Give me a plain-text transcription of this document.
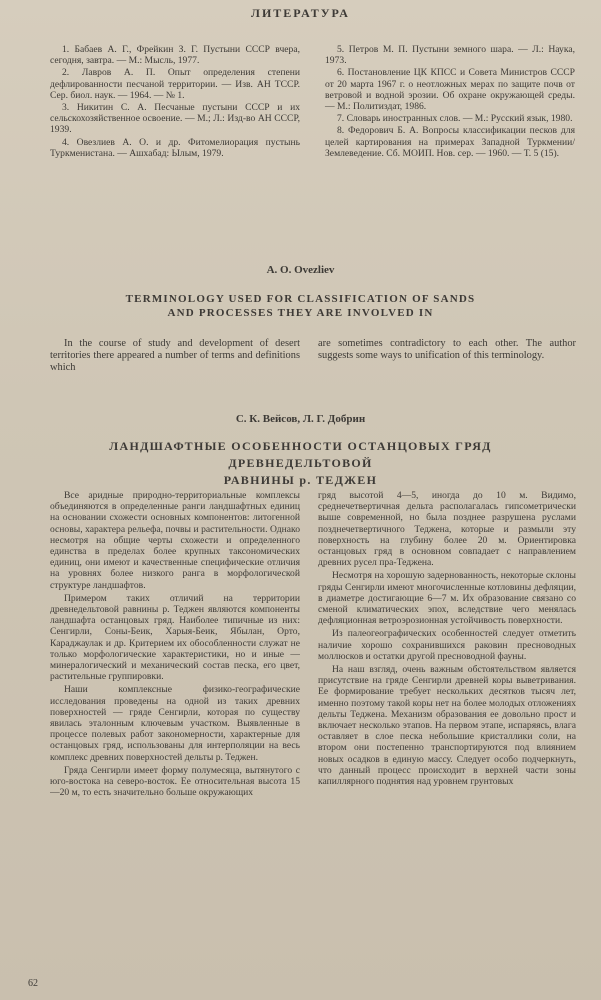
ЛИТЕРАТУРА

1. Бабаев А. Г., Фрейкин З. Г. Пустыни СССР вчера, сегодня, завтра. — М.: Мысль, 1977.

2. Лавров А. П. Опыт определения степени дефлированности песчаной территории. — Изв. АН ТССР. Сер. биол. наук. — 1964. — № 1.

3. Никитин С. А. Песчаные пустыни СССР и их сельскохозяйственное освоение. — М.; Л.: Изд-во АН СССР, 1939.

4. Овезлиев А. О. и др. Фитомелиорация пустынь Туркменистана. — Ашхабад: Ылым, 1979.

5. Петров М. П. Пустыни земного шара. — Л.: Наука, 1973.

6. Постановление ЦК КПСС и Совета Министров СССР от 20 марта 1967 г. о неотложных мерах по защите почв от ветровой и водной эрозии. Об охране окружающей среды. — М.: Политиздат, 1986.

7. Словарь иностранных слов. — М.: Русский язык, 1980.

8. Федорович Б. А. Вопросы классификации песков для целей картирования на примерах Западной Туркмении/Землеведение. Сб. МОИП. Нов. сер. — 1960. — Т. 5 (15).

A. O. Ovezliev
TERMINOLOGY USED FOR CLASSIFICATION OF SANDS
AND PROCESSES THEY ARE INVOLVED IN

In the course of study and development of desert territories there appeared a number of terms and definitions which

are sometimes contradictory to each other. The author suggests some ways to unification of this terminology.

С. К. Вейсов, Л. Г. Добрин
ЛАНДШАФТНЫЕ ОСОБЕННОСТИ ОСТАНЦОВЫХ ГРЯД ДРЕВНЕДЕЛЬТОВОЙ
РАВНИНЫ р. ТЕДЖЕН

Все аридные природно-территориальные комплексы объединяются в определенные ранги ландшафтных единиц на основании схожести основных компонентов: литогенной основы, характера рельефа, почвы и растительности. Однако несмотря на общие черты схожести и определенного единства в пределах более крупных таксономических единиц, они имеют и качественные специфические отличия на уровнях более низкого ранга в морфологической структуре ландшафтов.

Примером таких отличий на территории древнедельтовой равнины р. Теджен являются компоненты ландшафта останцовых гряд. Наиболее типичные из них: Сенгирли, Соны-Беик, Харыя-Беик, Ябылан, Орто, Караджаулак и др. Критерием их обособленности служат не только морфологические характеристики, но и иные — минералогический и механический состав песка, его цвет, растительные группировки.

Наши комплексные физико-географические исследования проведены на одной из таких древних поверхностей — гряде Сенгирли, которая по существу явилась эталонным ключевым участком. Выявленные в процессе полевых работ закономерности, характерные для останцовых гряд, использованы для интерполяции на весь комплекс древних поверхностей дельты р. Теджен.

Гряда Сенгирли имеет форму полумесяца, вытянутого с юго-востока на северо-восток. Ее относительная высота 15—20 м, то есть значительно больше окружающих

гряд высотой 4—5, иногда до 10 м. Видимо, среднечетвертичная дельта располагалась гипсометрически выше современной, но была позднее разрушена руслами позднечетвертичного Теджена, которые и размыли эту поверхность на глубину более 20 м. Ориентировка останцовых гряд в основном совпадает с направлением древних русел пра-Теджена.

Несмотря на хорошую задернованность, некоторые склоны гряды Сенгирли имеют многочисленные котловины дефляции, в диаметре достигающие 6—7 м. Их образование связано со сменой климатических эпох, вследствие чего менялась дефляционная ветроэрозионная устойчивость поверхности.

Из палеогеографических особенностей следует отметить наличие хорошо сохранившихся раковин пресноводных моллюсков и остатки другой пресноводной фауны.

На наш взгляд, очень важным обстоятельством является присутствие на гряде Сенгирли древней коры выветривания. Ее формирование требует нескольких десятков тысяч лет, именно поэтому такой коры нет на более молодых отложениях дельты Теджена. Механизм образования ее довольно прост и включает несколько этапов. На первом этапе, испаряясь, влага оставляет в слое песка небольшие кристаллики соли, на втором они постепенно транспортируются под влиянием новых осадков в единую массу. Следует особо подчеркнуть, что данный процесс происходит в верхней части зоны капиллярного поднятия над уровнем грунтовых

62
